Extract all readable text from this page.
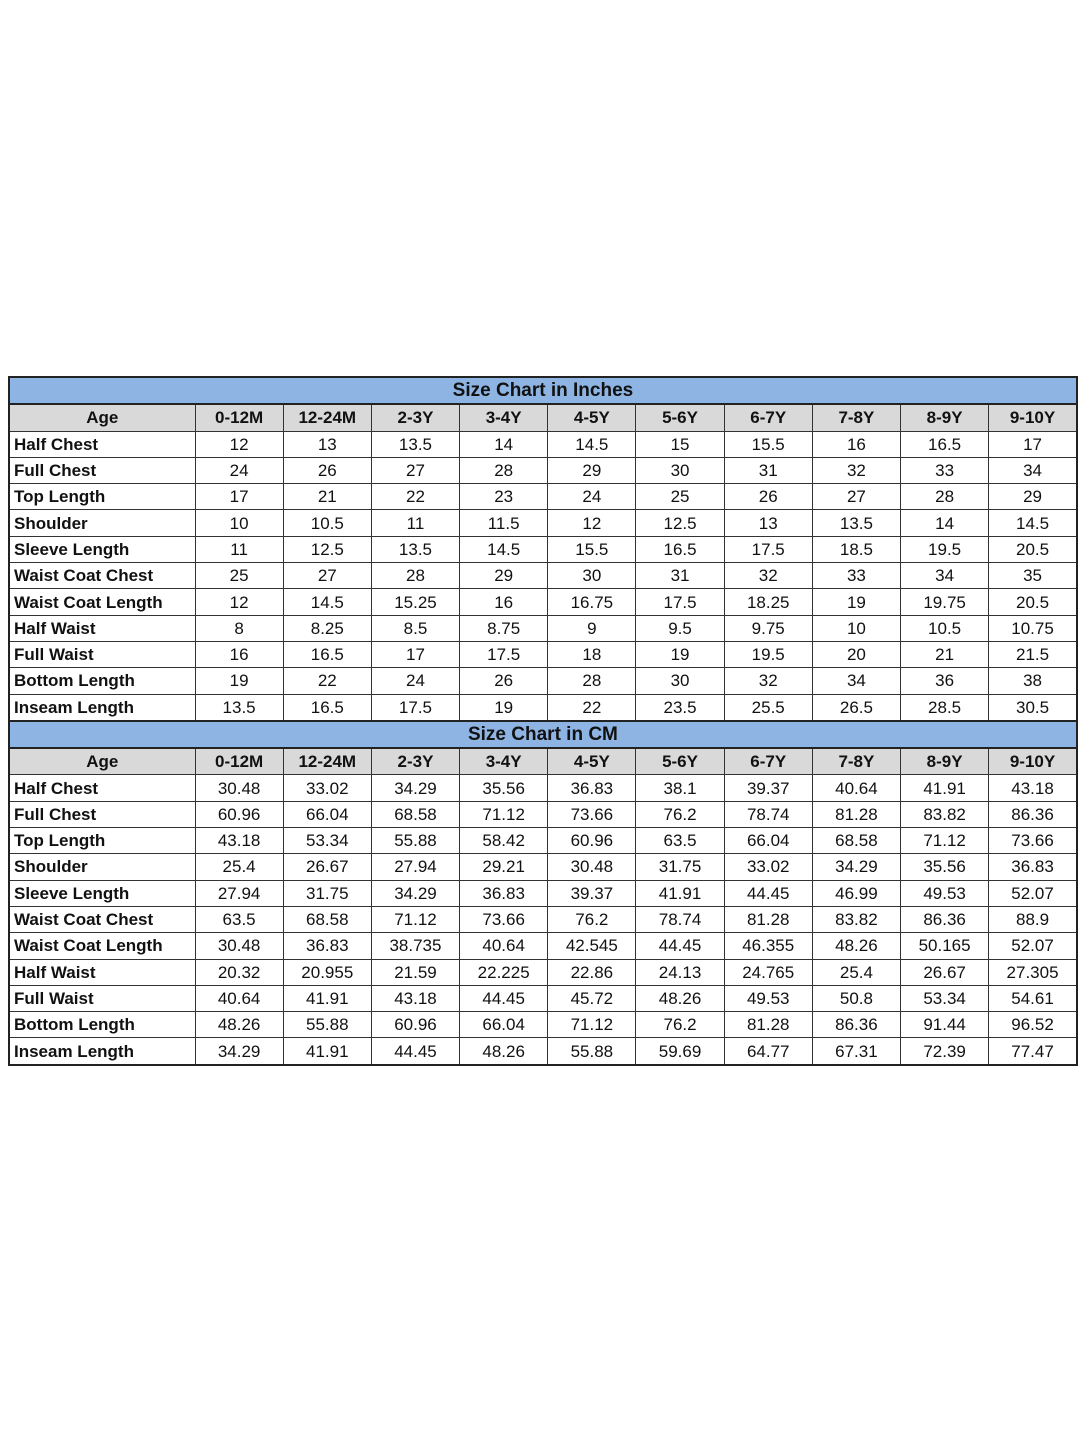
Size Chart in Inches										
Age	0-12M	12-24M	2-3Y	3-4Y	4-5Y	5-6Y	6-7Y	7-8Y	8-9Y	9-10Y
Half Chest	12	13	13.5	14	14.5	15	15.5	16	16.5	17
Full Chest	24	26	27	28	29	30	31	32	33	34
Top Length	17	21	22	23	24	25	26	27	28	29
Shoulder	10	10.5	11	11.5	12	12.5	13	13.5	14	14.5
Sleeve Length	11	12.5	13.5	14.5	15.5	16.5	17.5	18.5	19.5	20.5
Waist Coat Chest	25	27	28	29	30	31	32	33	34	35
Waist Coat Length	12	14.5	15.25	16	16.75	17.5	18.25	19	19.75	20.5
Half Waist	8	8.25	8.5	8.75	9	9.5	9.75	10	10.5	10.75
Full Waist	16	16.5	17	17.5	18	19	19.5	20	21	21.5
Bottom Length	19	22	24	26	28	30	32	34	36	38
Inseam Length	13.5	16.5	17.5	19	22	23.5	25.5	26.5	28.5	30.5
Size Chart in CM										
Age	0-12M	12-24M	2-3Y	3-4Y	4-5Y	5-6Y	6-7Y	7-8Y	8-9Y	9-10Y
Half Chest	30.48	33.02	34.29	35.56	36.83	38.1	39.37	40.64	41.91	43.18
Full Chest	60.96	66.04	68.58	71.12	73.66	76.2	78.74	81.28	83.82	86.36
Top Length	43.18	53.34	55.88	58.42	60.96	63.5	66.04	68.58	71.12	73.66
Shoulder	25.4	26.67	27.94	29.21	30.48	31.75	33.02	34.29	35.56	36.83
Sleeve Length	27.94	31.75	34.29	36.83	39.37	41.91	44.45	46.99	49.53	52.07
Waist Coat Chest	63.5	68.58	71.12	73.66	76.2	78.74	81.28	83.82	86.36	88.9
Waist Coat Length	30.48	36.83	38.735	40.64	42.545	44.45	46.355	48.26	50.165	52.07
Half Waist	20.32	20.955	21.59	22.225	22.86	24.13	24.765	25.4	26.67	27.305
Full Waist	40.64	41.91	43.18	44.45	45.72	48.26	49.53	50.8	53.34	54.61
Bottom Length	48.26	55.88	60.96	66.04	71.12	76.2	81.28	86.36	91.44	96.52
Inseam Length	34.29	41.91	44.45	48.26	55.88	59.69	64.77	67.31	72.39	77.47
